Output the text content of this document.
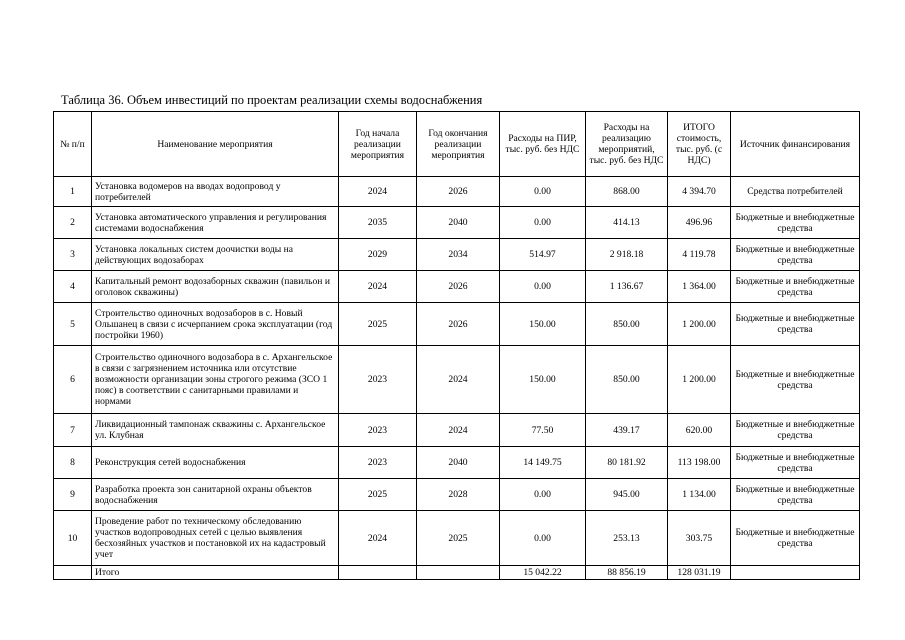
Таблица 36. Объем инвестиций по проектам реализации схемы водоснабжения
№ п/п	Наименование мероприятия	Год начала реализации мероприятия	Год окончания реализации мероприятия	Расходы на ПИР, тыс. руб. без НДС	Расходы на реализацию мероприятий, тыс. руб. без НДС	ИТОГО стоимость, тыс. руб. (с НДС)	Источник финансирования
1	Установка водомеров на вводах водопровод у потребителей	2024	2026	0.00	868.00	4 394.70	Средства потребителей
2	Установка автоматического управления и регулирования системами водоснабжения	2035	2040	0.00	414.13	496.96	Бюджетные и внебюджетные средства
3	Установка локальных систем доочистки воды на действующих водозаборах	2029	2034	514.97	2 918.18	4 119.78	Бюджетные и внебюджетные средства
4	Капитальный ремонт водозаборных скважин (павильон и оголовок скважины)	2024	2026	0.00	1 136.67	1 364.00	Бюджетные и внебюджетные средства
5	Строительство одиночных водозаборов в с. Новый Ольшанец в связи с исчерпанием срока эксплуатации (год постройки 1960)	2025	2026	150.00	850.00	1 200.00	Бюджетные и внебюджетные средства
6	Строительство одиночного водозабора в с. Архангельское в связи с загрязнением источника или отсутствие возможности организации зоны строгого режима (ЗСО 1 пояс) в соответствии с санитарными правилами и нормами	2023	2024	150.00	850.00	1 200.00	Бюджетные и внебюджетные средства
7	Ликвидационный тампонаж скважины с. Архангельское ул. Клубная	2023	2024	77.50	439.17	620.00	Бюджетные и внебюджетные средства
8	Реконструкция сетей водоснабжения	2023	2040	14 149.75	80 181.92	113 198.00	Бюджетные и внебюджетные средства
9	Разработка проекта зон санитарной охраны объектов водоснабжения	2025	2028	0.00	945.00	1 134.00	Бюджетные и внебюджетные средства
10	Проведение работ по техническому обследованию участков водопроводных сетей с целью выявления бесхозяйных участков и постановкой их на кадастровый учет	2024	2025	0.00	253.13	303.75	Бюджетные и внебюджетные средства
	Итого			15 042.22	88 856.19	128 031.19	
